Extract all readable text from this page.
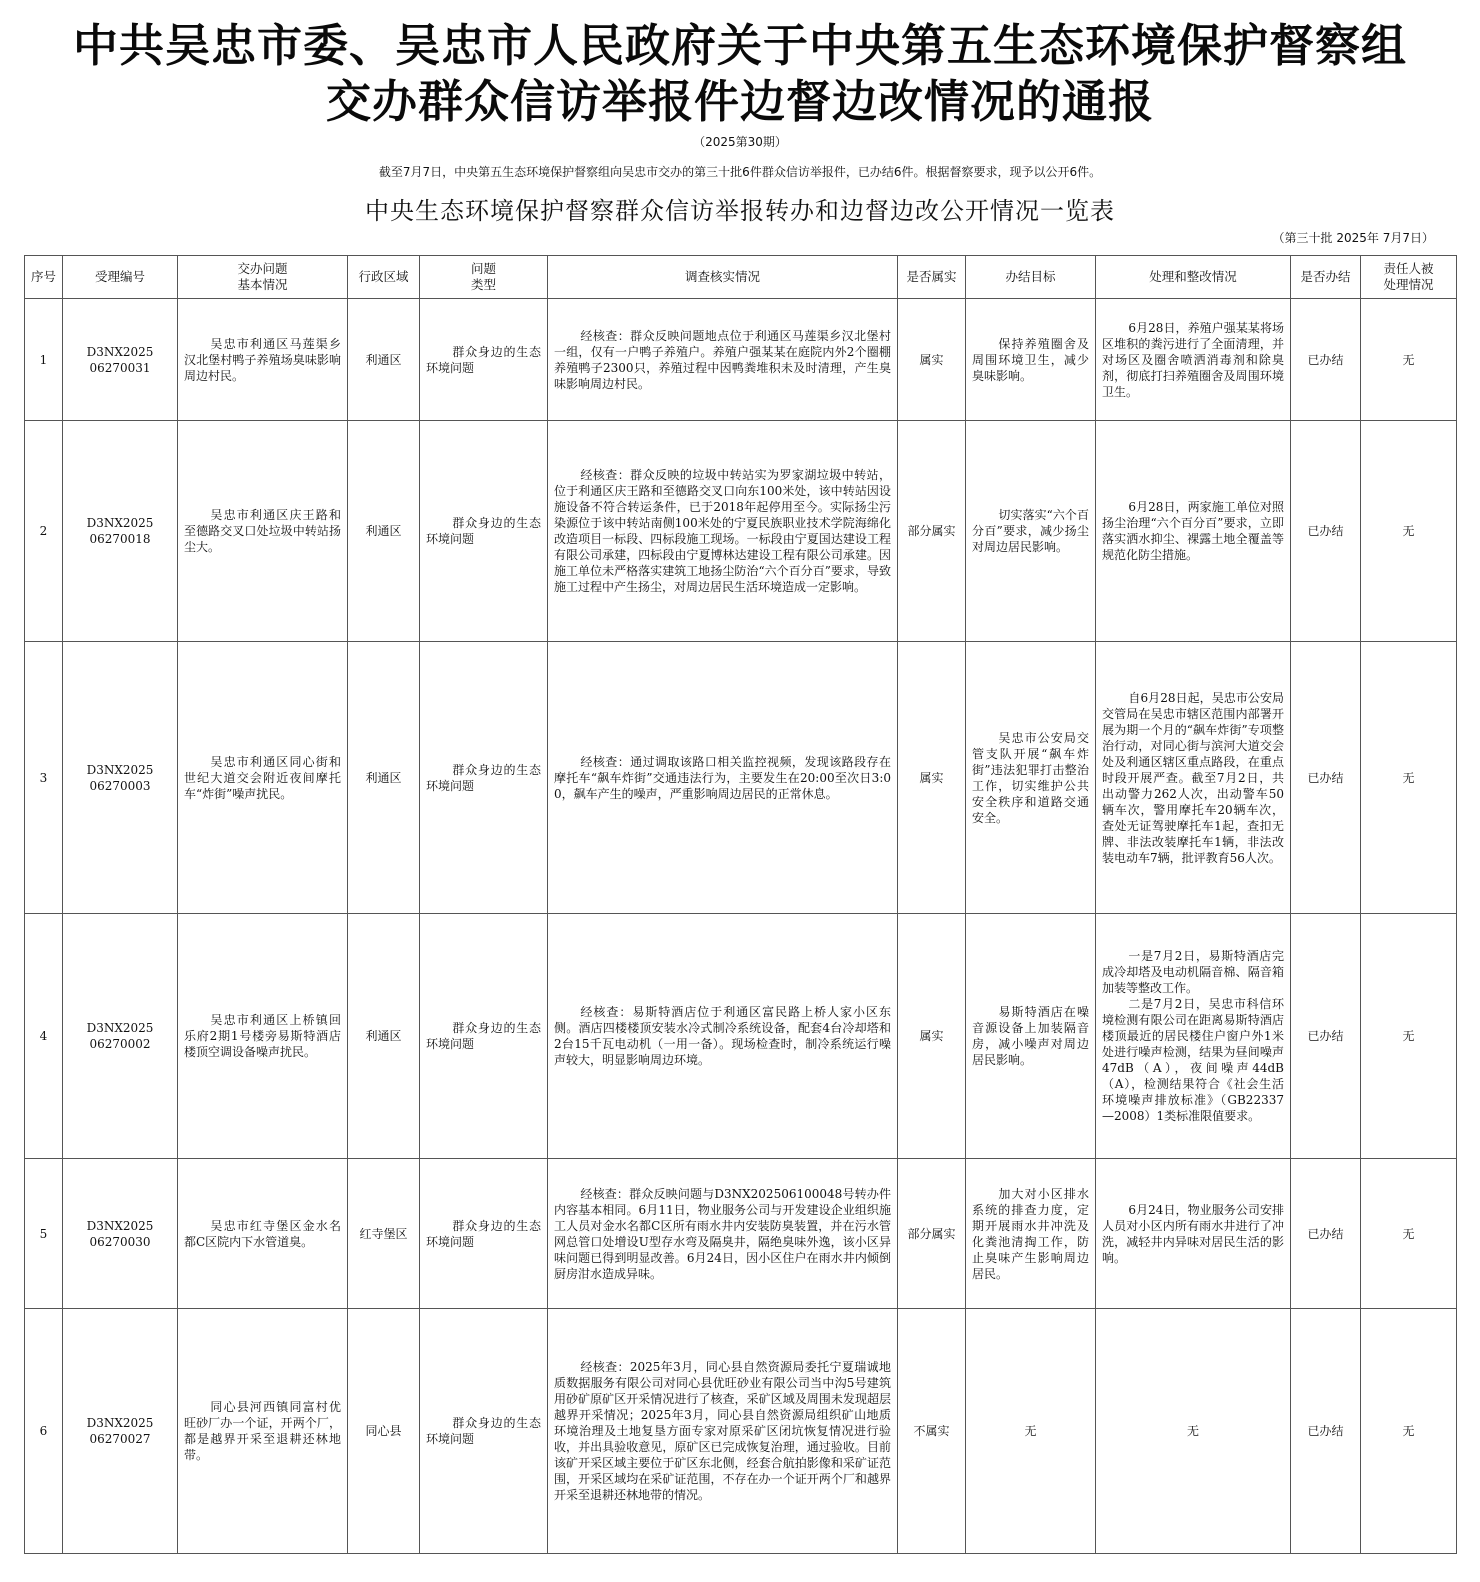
中共吴忠市委、吴忠市人民政府关于中央第五生态环境保护督察组
交办群众信访举报件边督边改情况的通报
（2025第30期）
截至7月7日，中央第五生态环境保护督察组向吴忠市交办的第三十批6件群众信访举报件，已办结6件。根据督察要求，现予以公开6件。
中央生态环境保护督察群众信访举报转办和边督边改公开情况一览表
（第三十批 2025年 7月7日）
序号	受理编号	交办问题
基本情况	行政区域	问题
类型	调查核实情况	是否属实	办结目标	处理和整改情况	是否办结	责任人被
处理情况

1	D3NX2025
06270031	吴忠市利通区马莲渠乡汉北堡村鸭子养殖场臭味影响周边村民。	利通区	群众身边的生态环境问题	经核查：群众反映问题地点位于利通区马莲渠乡汉北堡村一组，仅有一户鸭子养殖户。养殖户强某某在庭院内外2个圈棚养殖鸭子2300只，养殖过程中因鸭粪堆积未及时清理，产生臭味影响周边村民。	属实	保持养殖圈舍及周围环境卫生，减少臭味影响。	6月28日，养殖户强某某将场区堆积的粪污进行了全面清理，并对场区及圈舍喷洒消毒剂和除臭剂，彻底打扫养殖圈舍及周围环境卫生。	已办结	无
2	D3NX2025
06270018	吴忠市利通区庆王路和至德路交叉口处垃圾中转站扬尘大。	利通区	群众身边的生态环境问题	经核查：群众反映的垃圾中转站实为罗家湖垃圾中转站，位于利通区庆王路和至德路交叉口向东100米处，该中转站因设施设备不符合转运条件，已于2018年起停用至今。实际扬尘污染源位于该中转站南侧100米处的宁夏民族职业技术学院海绵化改造项目一标段、四标段施工现场。一标段由宁夏国达建设工程有限公司承建，四标段由宁夏博林达建设工程有限公司承建。因施工单位未严格落实建筑工地扬尘防治“六个百分百”要求，导致施工过程中产生扬尘，对周边居民生活环境造成一定影响。	部分属实	切实落实“六个百分百”要求，减少扬尘对周边居民影响。	6月28日，两家施工单位对照扬尘治理“六个百分百”要求，立即落实洒水抑尘、裸露土地全覆盖等规范化防尘措施。	已办结	无
3	D3NX2025
06270003	吴忠市利通区同心街和世纪大道交会附近夜间摩托车“炸街”噪声扰民。	利通区	群众身边的生态环境问题	经核查：通过调取该路口相关监控视频，发现该路段存在摩托车“飙车炸街”交通违法行为，主要发生在20:00至次日3:00，飙车产生的噪声，严重影响周边居民的正常休息。	属实	吴忠市公安局交管支队开展“飙车炸街”违法犯罪打击整治工作，切实维护公共安全秩序和道路交通安全。	自6月28日起，吴忠市公安局交管局在吴忠市辖区范围内部署开展为期一个月的“飙车炸街”专项整治行动，对同心街与滨河大道交会处及利通区辖区重点路段，在重点时段开展严查。截至7月2日，共出动警力262人次，出动警车50辆车次，警用摩托车20辆车次，查处无证驾驶摩托车1起，查扣无牌、非法改装摩托车1辆，非法改装电动车7辆，批评教育56人次。	已办结	无
4	D3NX2025
06270002	吴忠市利通区上桥镇回乐府2期1号楼旁易斯特酒店楼顶空调设备噪声扰民。	利通区	群众身边的生态环境问题	经核查：易斯特酒店位于利通区富民路上桥人家小区东侧。酒店四楼楼顶安装水冷式制冷系统设备，配套4台冷却塔和2台15千瓦电动机（一用一备）。现场检查时，制冷系统运行噪声较大，明显影响周边环境。	属实	易斯特酒店在噪音源设备上加装隔音房，减小噪声对周边居民影响。	一是7月2日，易斯特酒店完成冷却塔及电动机隔音棉、隔音箱加装等整改工作。
二是7月2日，吴忠市科信环境检测有限公司在距离易斯特酒店楼顶最近的居民楼住户窗户外1米处进行噪声检测，结果为昼间噪声47dB（A），夜间噪声44dB（A），检测结果符合《社会生活环境噪声排放标准》（GB22337—2008）1类标准限值要求。	已办结	无
5	D3NX2025
06270030	吴忠市红寺堡区金水名都C区院内下水管道臭。	红寺堡区	群众身边的生态环境问题	经核查：群众反映问题与D3NX202506100048号转办件内容基本相同。6月11日，物业服务公司与开发建设企业组织施工人员对金水名都C区所有雨水井内安装防臭装置，并在污水管网总管口处增设U型存水弯及隔臭井，隔绝臭味外逸，该小区异味问题已得到明显改善。6月24日，因小区住户在雨水井内倾倒厨房泔水造成异味。	部分属实	加大对小区排水系统的排查力度，定期开展雨水井冲洗及化粪池清掏工作，防止臭味产生影响周边居民。	6月24日，物业服务公司安排人员对小区内所有雨水井进行了冲洗，减轻井内异味对居民生活的影响。	已办结	无
6	D3NX2025
06270027	同心县河西镇同富村优旺砂厂办一个证，开两个厂，都是越界开采至退耕还林地带。	同心县	群众身边的生态环境问题	经核查：2025年3月，同心县自然资源局委托宁夏瑞诚地质数据服务有限公司对同心县优旺砂业有限公司当中沟5号建筑用砂矿原矿区开采情况进行了核查，采矿区域及周围未发现超层越界开采情况；2025年3月，同心县自然资源局组织矿山地质环境治理及土地复垦方面专家对原采矿区闭坑恢复情况进行验收，并出具验收意见，原矿区已完成恢复治理，通过验收。目前该矿开采区域主要位于矿区东北侧，经套合航拍影像和采矿证范围，开采区域均在采矿证范围，不存在办一个证开两个厂和越界开采至退耕还林地带的情况。	不属实	无	无	已办结	无
